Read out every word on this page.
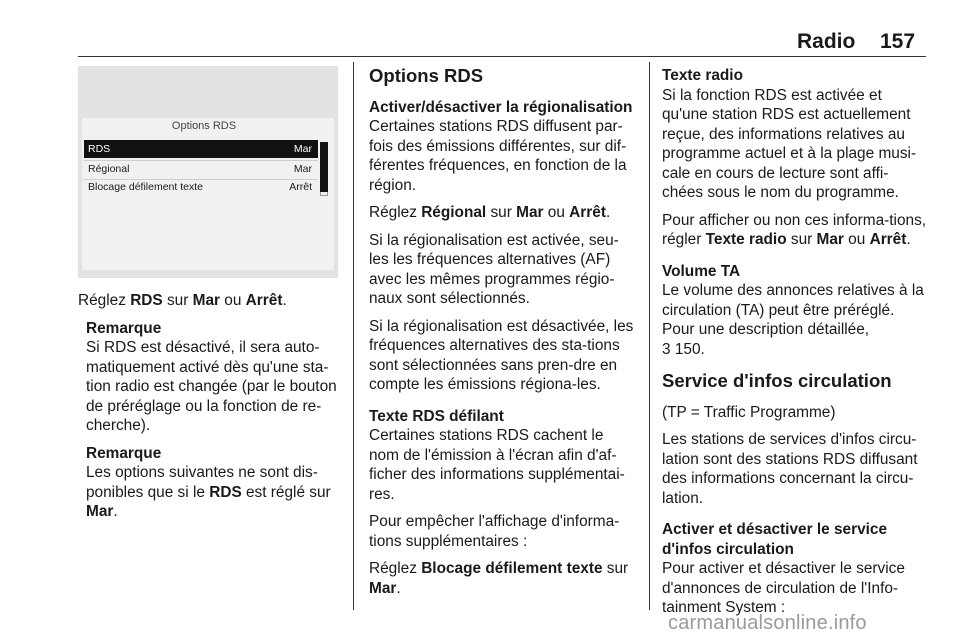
Radio 157
Options RDS
RDS	Mar
Régional	Mar
Blocage défilement texte	Arrêt

Réglez RDS sur Mar ou Arrêt.

Remarque

Si RDS est désactivé, il sera auto-matiquement activé dès qu'une sta-tion radio est changée (par le bouton de préréglage ou la fonction de re-cherche).

Remarque

Les options suivantes ne sont dis-ponibles que si le RDS est réglé sur Mar.

Options RDS
Activer/désactiver la régionalisation

Certaines stations RDS diffusent par-fois des émissions différentes, sur dif-férentes fréquences, en fonction de la région.

Réglez Régional sur Mar ou Arrêt.

Si la régionalisation est activée, seu-les les fréquences alternatives (AF) avec les mêmes programmes régio-naux sont sélectionnés.

Si la régionalisation est désactivée, les fréquences alternatives des sta-tions sont sélectionnées sans pren-dre en compte les émissions régiona-les.

Texte RDS défilant

Certaines stations RDS cachent le nom de l'émission à l'écran afin d'af-ficher des informations supplémentai-res.

Pour empêcher l'affichage d'informa-tions supplémentaires :

Réglez Blocage défilement texte sur Mar.

Texte radio

Si la fonction RDS est activée et qu'une station RDS est actuellement reçue, des informations relatives au programme actuel et à la plage musi-cale en cours de lecture sont affi-chées sous le nom du programme.

Pour afficher ou non ces informa-tions, régler Texte radio sur Mar ou Arrêt.

Volume TA

Le volume des annonces relatives à la circulation (TA) peut être préréglé. Pour une description détaillée,

3 150.

Service d'infos circulation

(TP = Traffic Programme)

Les stations de services d'infos circu-lation sont des stations RDS diffusant des informations concernant la circu-lation.

Activer et désactiver le service d'infos circulation

Pour activer et désactiver le service d'annonces de circulation de l'Info-tainment System :

carmanualsonline.info
